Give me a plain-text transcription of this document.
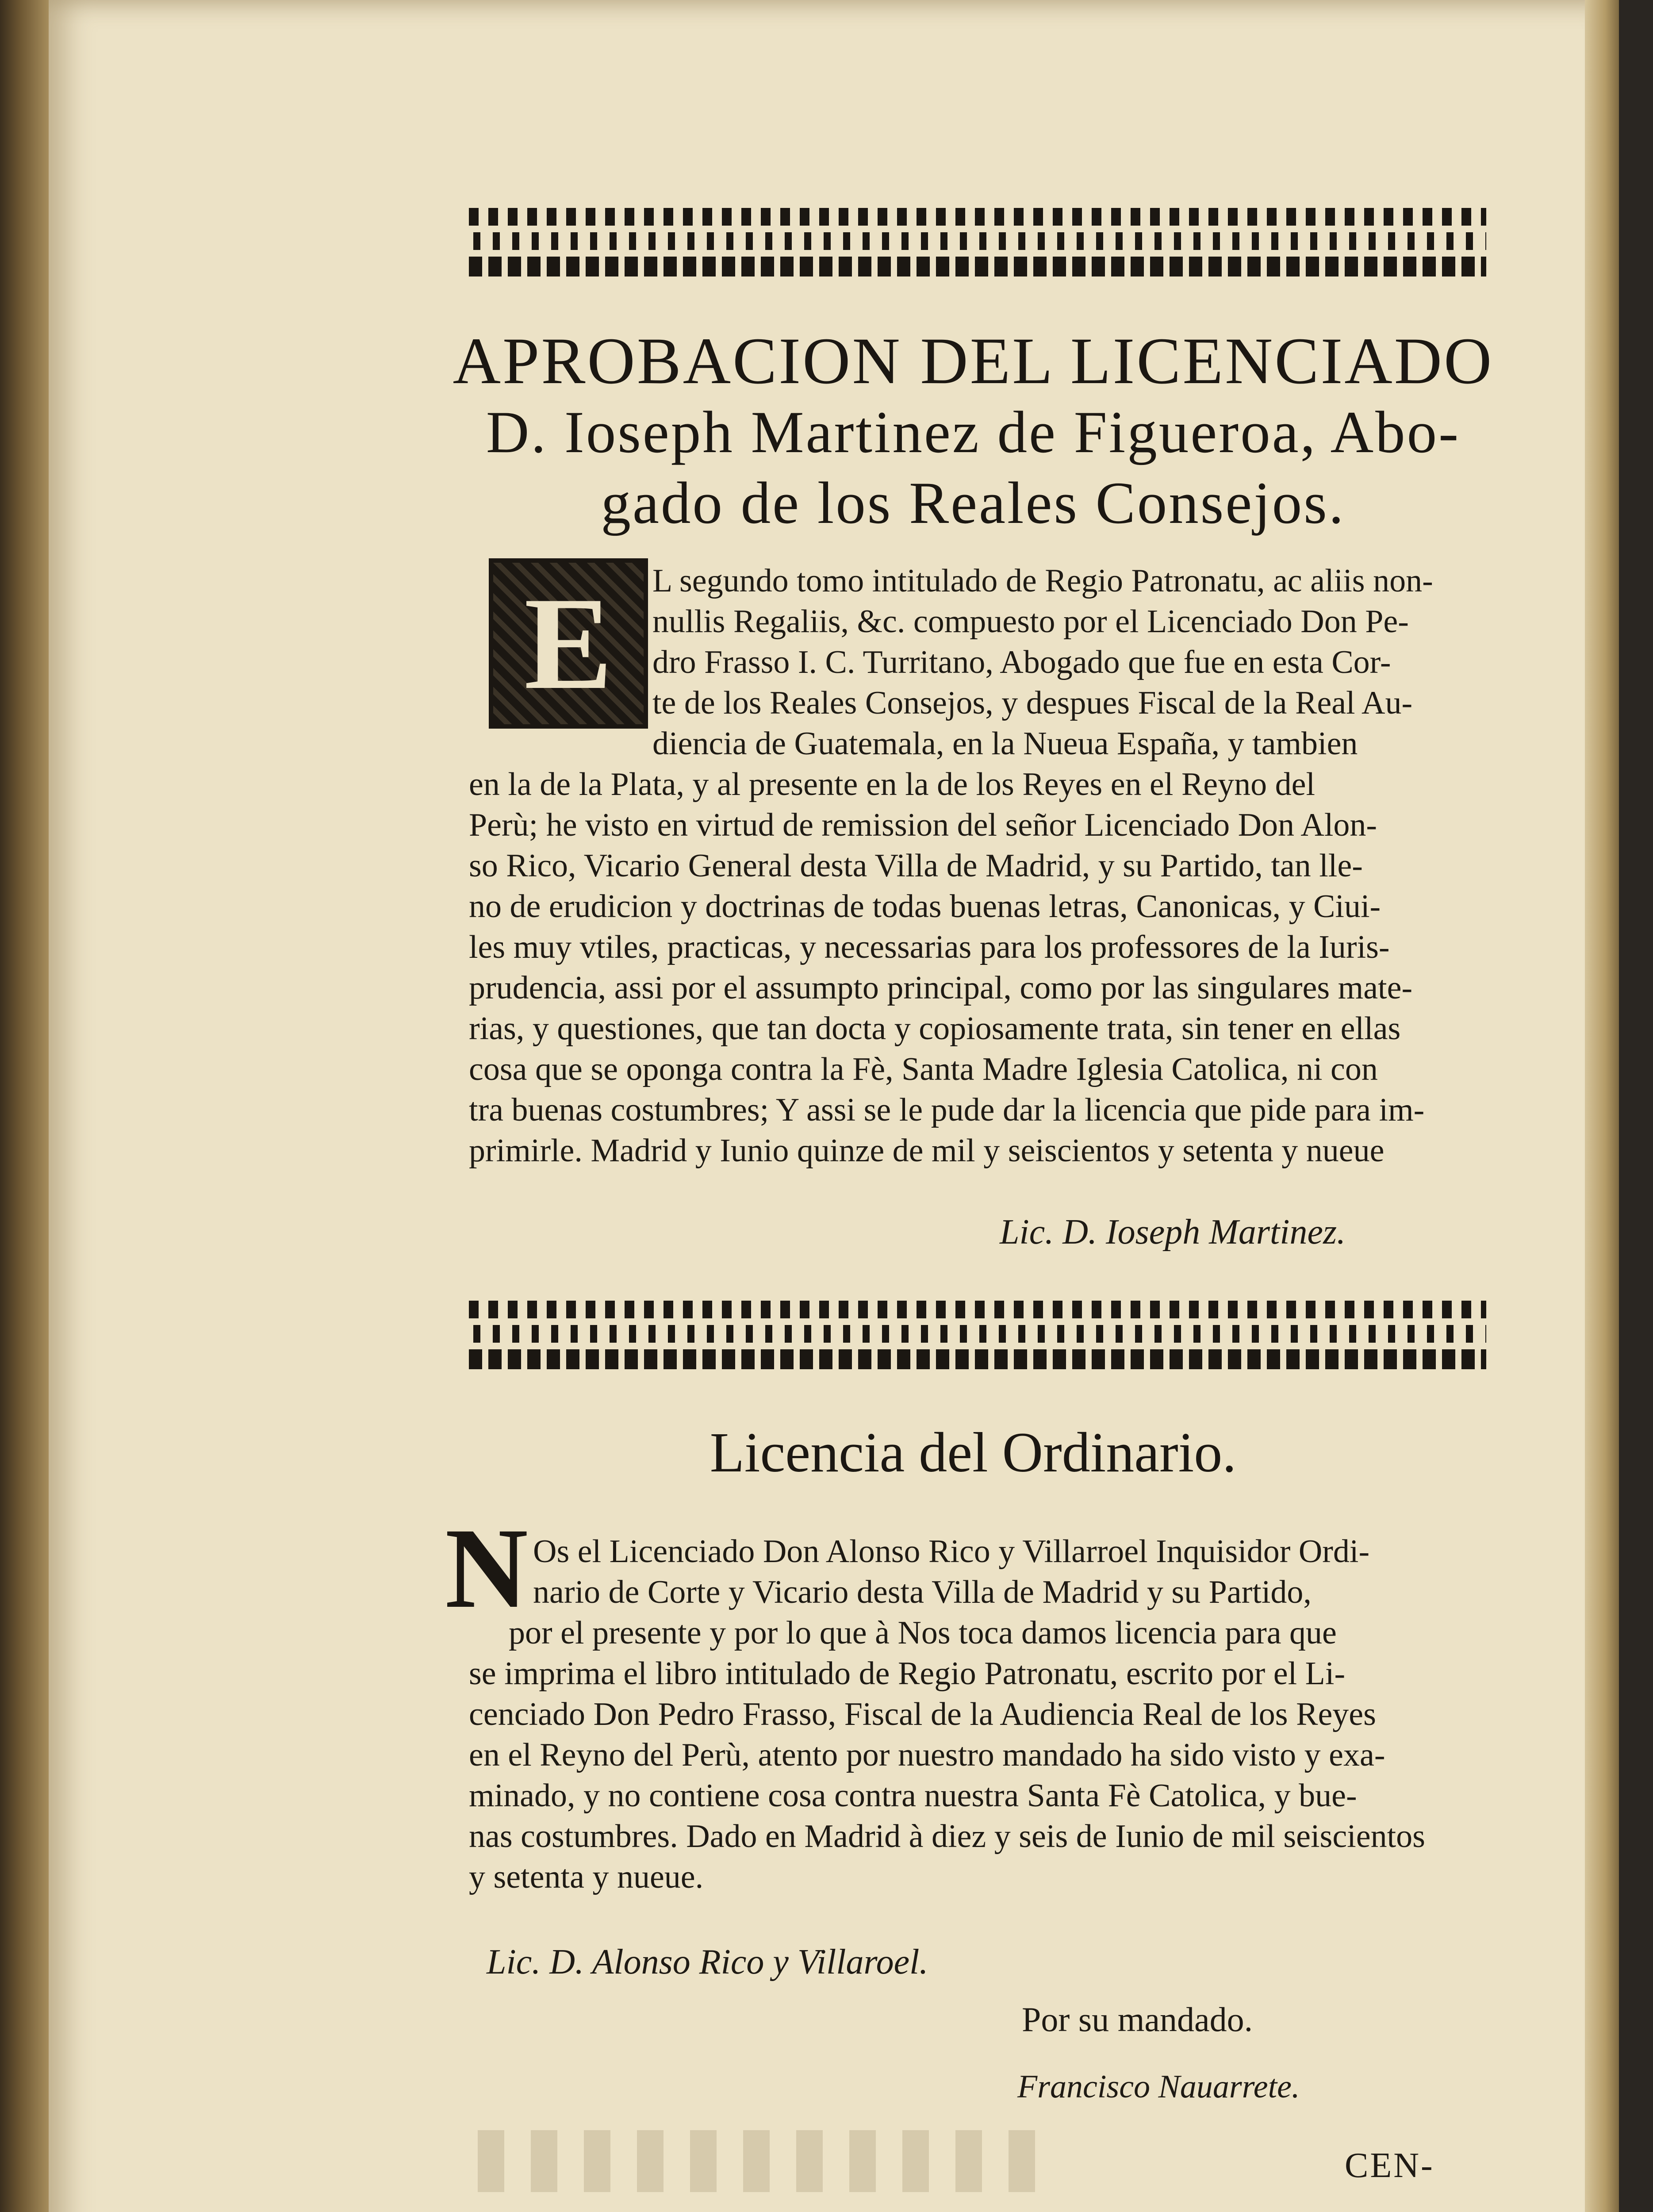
APROBACION DEL LICENCIADO
D. Ioseph Martinez de Figueroa, Abo-
gado de los Reales Consejos.
E	L segundo tomo intitulado de Regio Patronatu, ac aliis non-
nullis Regaliis, &c. compuesto por el Licenciado Don Pe-
dro Frasso I. C. Turritano, Abogado que fue en esta Cor-
te de los Reales Consejos, y despues Fiscal de la Real Au-
diencia de Guatemala, en la Nueua España, y tambien
en la de la Plata, y al presente en la de los Reyes en el Reyno del
Perù; he visto en virtud de remission del señor Licenciado Don Alon-
so Rico, Vicario General desta Villa de Madrid, y su Partido, tan lle-
no de erudicion y doctrinas de todas buenas letras, Canonicas, y Ciui-
les muy vtiles, practicas, y necessarias para los professores de la Iuris-
prudencia, assi por el assumpto principal, como por las singulares mate-
rias, y questiones, que tan docta y copiosamente trata, sin tener en ellas
cosa que se oponga contra la Fè, Santa Madre Iglesia Catolica, ni con
tra buenas costumbres; Y assi se le pude dar la licencia que pide para im-
primirle. Madrid y Iunio quinze de mil y seiscientos y setenta y nueue
Lic. D. Ioseph Martinez.
Licencia del Ordinario.
N Os el Licenciado Don Alonso Rico y Villarroel Inquisidor Ordi-
nario de Corte y Vicario desta Villa de Madrid y su Partido,
por el presente y por lo que à Nos toca damos licencia para que
se imprima el libro intitulado de Regio Patronatu, escrito por el Li-
cenciado Don Pedro Frasso, Fiscal de la Audiencia Real de los Reyes
en el Reyno del Perù, atento por nuestro mandado ha sido visto y exa-
minado, y no contiene cosa contra nuestra Santa Fè Catolica, y bue-
nas costumbres. Dado en Madrid à diez y seis de Iunio de mil seiscientos
y setenta y nueue.
Lic. D. Alonso Rico y Villaroel.
Por su mandado.
Francisco Nauarrete.
CEN-
